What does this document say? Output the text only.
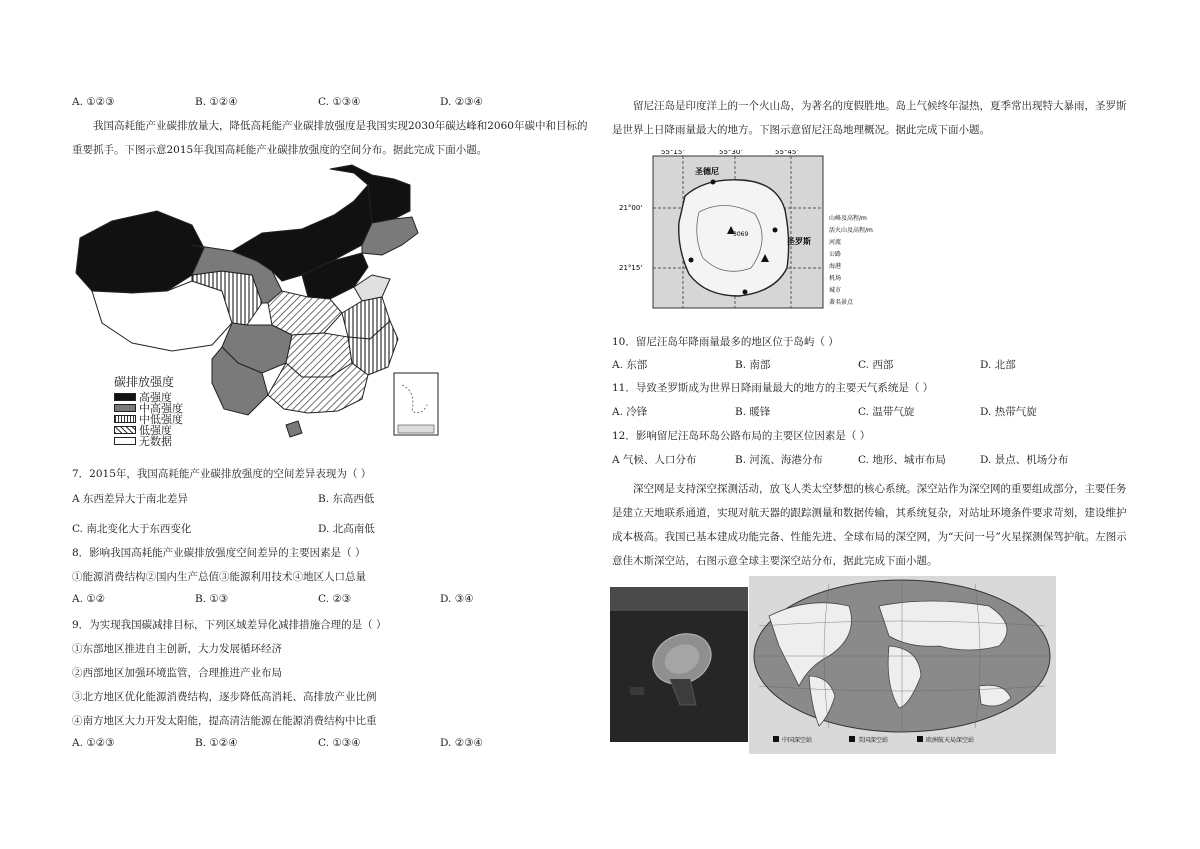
A. ①②③	B. ①②④	C. ①③④	D. ②③④
我国高耗能产业碳排放量大，降低高耗能产业碳排放强度是我国实现2030年碳达峰和2060年碳中和目标的重要抓手。下图示意2015年我国高耗能产业碳排放强度的空间分布。据此完成下面小题。
碳排放强度
高强度
中高强度
中低强度
低强度
无数据
7．2015年，我国高耗能产业碳排放强度的空间差异表现为（ ）
A 东西差异大于南北差异	B. 东高西低
C. 南北变化大于东西变化	D. 北高南低
8．影响我国高耗能产业碳排放强度空间差异的主要因素是（ ）
①能源消费结构②国内生产总值③能源利用技术④地区人口总量
A. ①②	B. ①③	C. ②③	D. ③④
9．为实现我国碳减排目标，下列区域差异化减排措施合理的是（ ）
①东部地区推进自主创新，大力发展循环经济
②西部地区加强环境监管，合理推进产业布局
③北方地区优化能源消费结构，逐步降低高消耗、高排放产业比例
④南方地区大力开发太阳能，提高清洁能源在能源消费结构中比重
A. ①②③	B. ①②④	C. ①③④	D. ②③④
留尼汪岛是印度洋上的一个火山岛，为著名的度假胜地。岛上气候终年湿热，夏季常出现特大暴雨，圣罗斯是世界上日降雨量最大的地方。下图示意留尼汪岛地理概况。据此完成下面小题。
55°15'	55°30'	55°45'
21°00'
21°15'
圣德尼
圣罗斯
3069
山峰及高程/m
活火山及高程/m
河流
公路
海港
机场
城市
著名景点
10．留尼汪岛年降雨量最多的地区位于岛屿（ ）
A. 东部	B. 南部	C. 西部	D. 北部
11．导致圣罗斯成为世界日降雨量最大的地方的主要天气系统是（ ）
A. 冷锋	B. 暖锋	C. 温带气旋	D. 热带气旋
12．影响留尼汪岛环岛公路布局的主要区位因素是（ ）
A 气候、人口分布	B. 河流、海港分布	C. 地形、城市布局	D. 景点、机场分布
深空网是支持深空探测活动，放飞人类太空梦想的核心系统。深空站作为深空网的重要组成部分，主要任务是建立天地联系通道，实现对航天器的跟踪测量和数据传输，其系统复杂，对站址环境条件要求苛刻，建设维护成本极高。我国已基本建成功能完备、性能先进、全球布局的深空网，为“天问一号”火星探测保驾护航。左图示意佳木斯深空站，右图示意全球主要深空站分布，据此完成下面小题。
中国深空站	美国深空站	欧洲航天局深空站
